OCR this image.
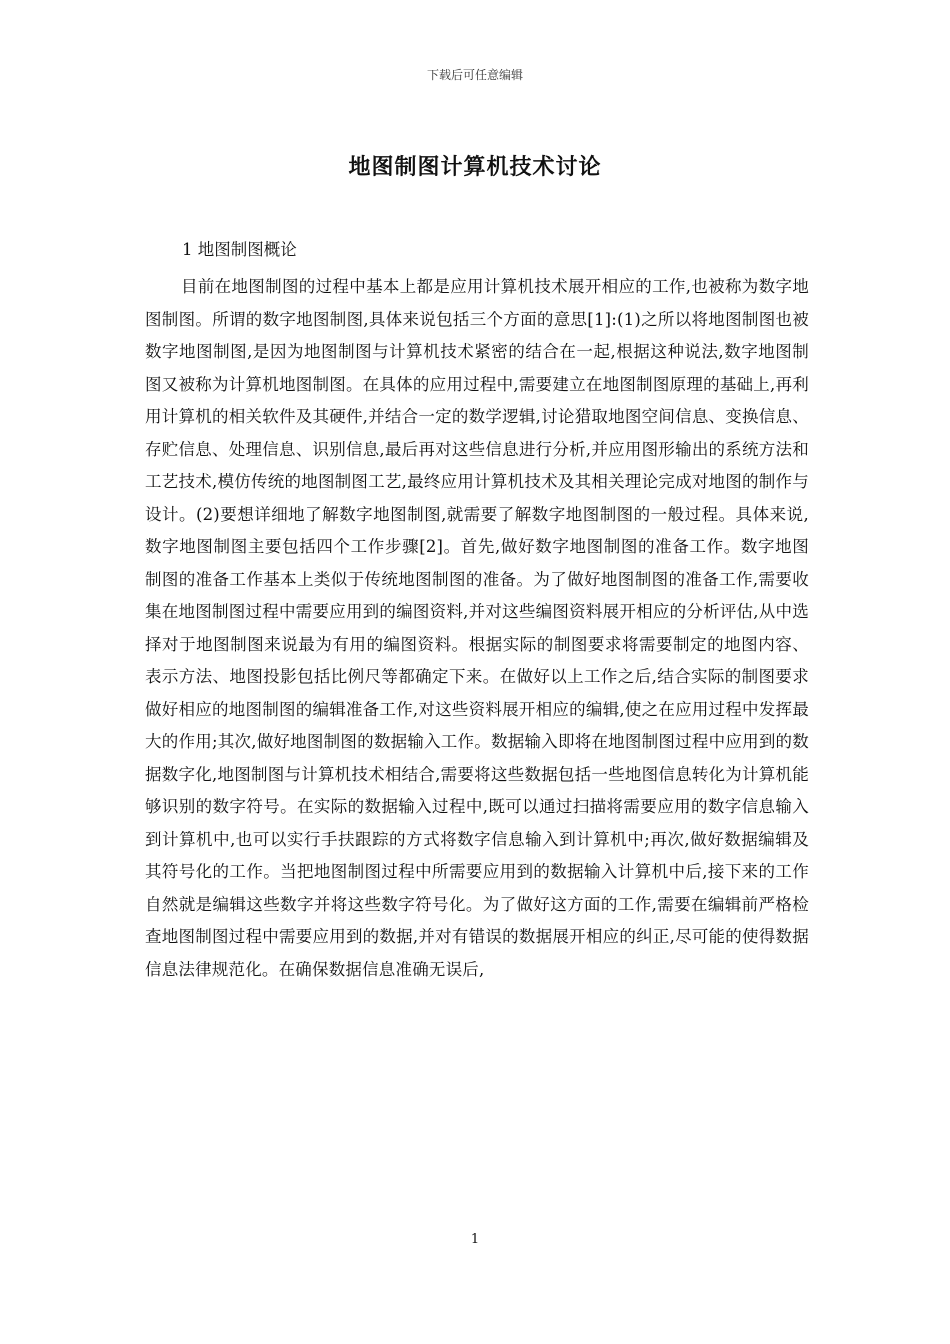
下载后可任意编辑
地图制图计算机技术讨论
1 地图制图概论

目前在地图制图的过程中基本上都是应用计算机技术展开相应的工作,也被称为数字地图制图。所谓的数字地图制图,具体来说包括三个方面的意思[1]:(1)之所以将地图制图也被数字地图制图,是因为地图制图与计算机技术紧密的结合在一起,根据这种说法,数字地图制图又被称为计算机地图制图。在具体的应用过程中,需要建立在地图制图原理的基础上,再利用计算机的相关软件及其硬件,并结合一定的数学逻辑,讨论猎取地图空间信息、变换信息、存贮信息、处理信息、识别信息,最后再对这些信息进行分析,并应用图形输出的系统方法和工艺技术,模仿传统的地图制图工艺,最终应用计算机技术及其相关理论完成对地图的制作与设计。(2)要想详细地了解数字地图制图,就需要了解数字地图制图的一般过程。具体来说,数字地图制图主要包括四个工作步骤[2]。首先,做好数字地图制图的准备工作。数字地图制图的准备工作基本上类似于传统地图制图的准备。为了做好地图制图的准备工作,需要收集在地图制图过程中需要应用到的编图资料,并对这些编图资料展开相应的分析评估,从中选择对于地图制图来说最为有用的编图资料。根据实际的制图要求将需要制定的地图内容、表示方法、地图投影包括比例尺等都确定下来。在做好以上工作之后,结合实际的制图要求做好相应的地图制图的编辑准备工作,对这些资料展开相应的编辑,使之在应用过程中发挥最大的作用;其次,做好地图制图的数据输入工作。数据输入即将在地图制图过程中应用到的数据数字化,地图制图与计算机技术相结合,需要将这些数据包括一些地图信息转化为计算机能够识别的数字符号。在实际的数据输入过程中,既可以通过扫描将需要应用的数字信息输入到计算机中,也可以实行手扶跟踪的方式将数字信息输入到计算机中;再次,做好数据编辑及其符号化的工作。当把地图制图过程中所需要应用到的数据输入计算机中后,接下来的工作自然就是编辑这些数字并将这些数字符号化。为了做好这方面的工作,需要在编辑前严格检查地图制图过程中需要应用到的数据,并对有错误的数据展开相应的纠正,尽可能的使得数据信息法律规范化。在确保数据信息准确无误后,

1
